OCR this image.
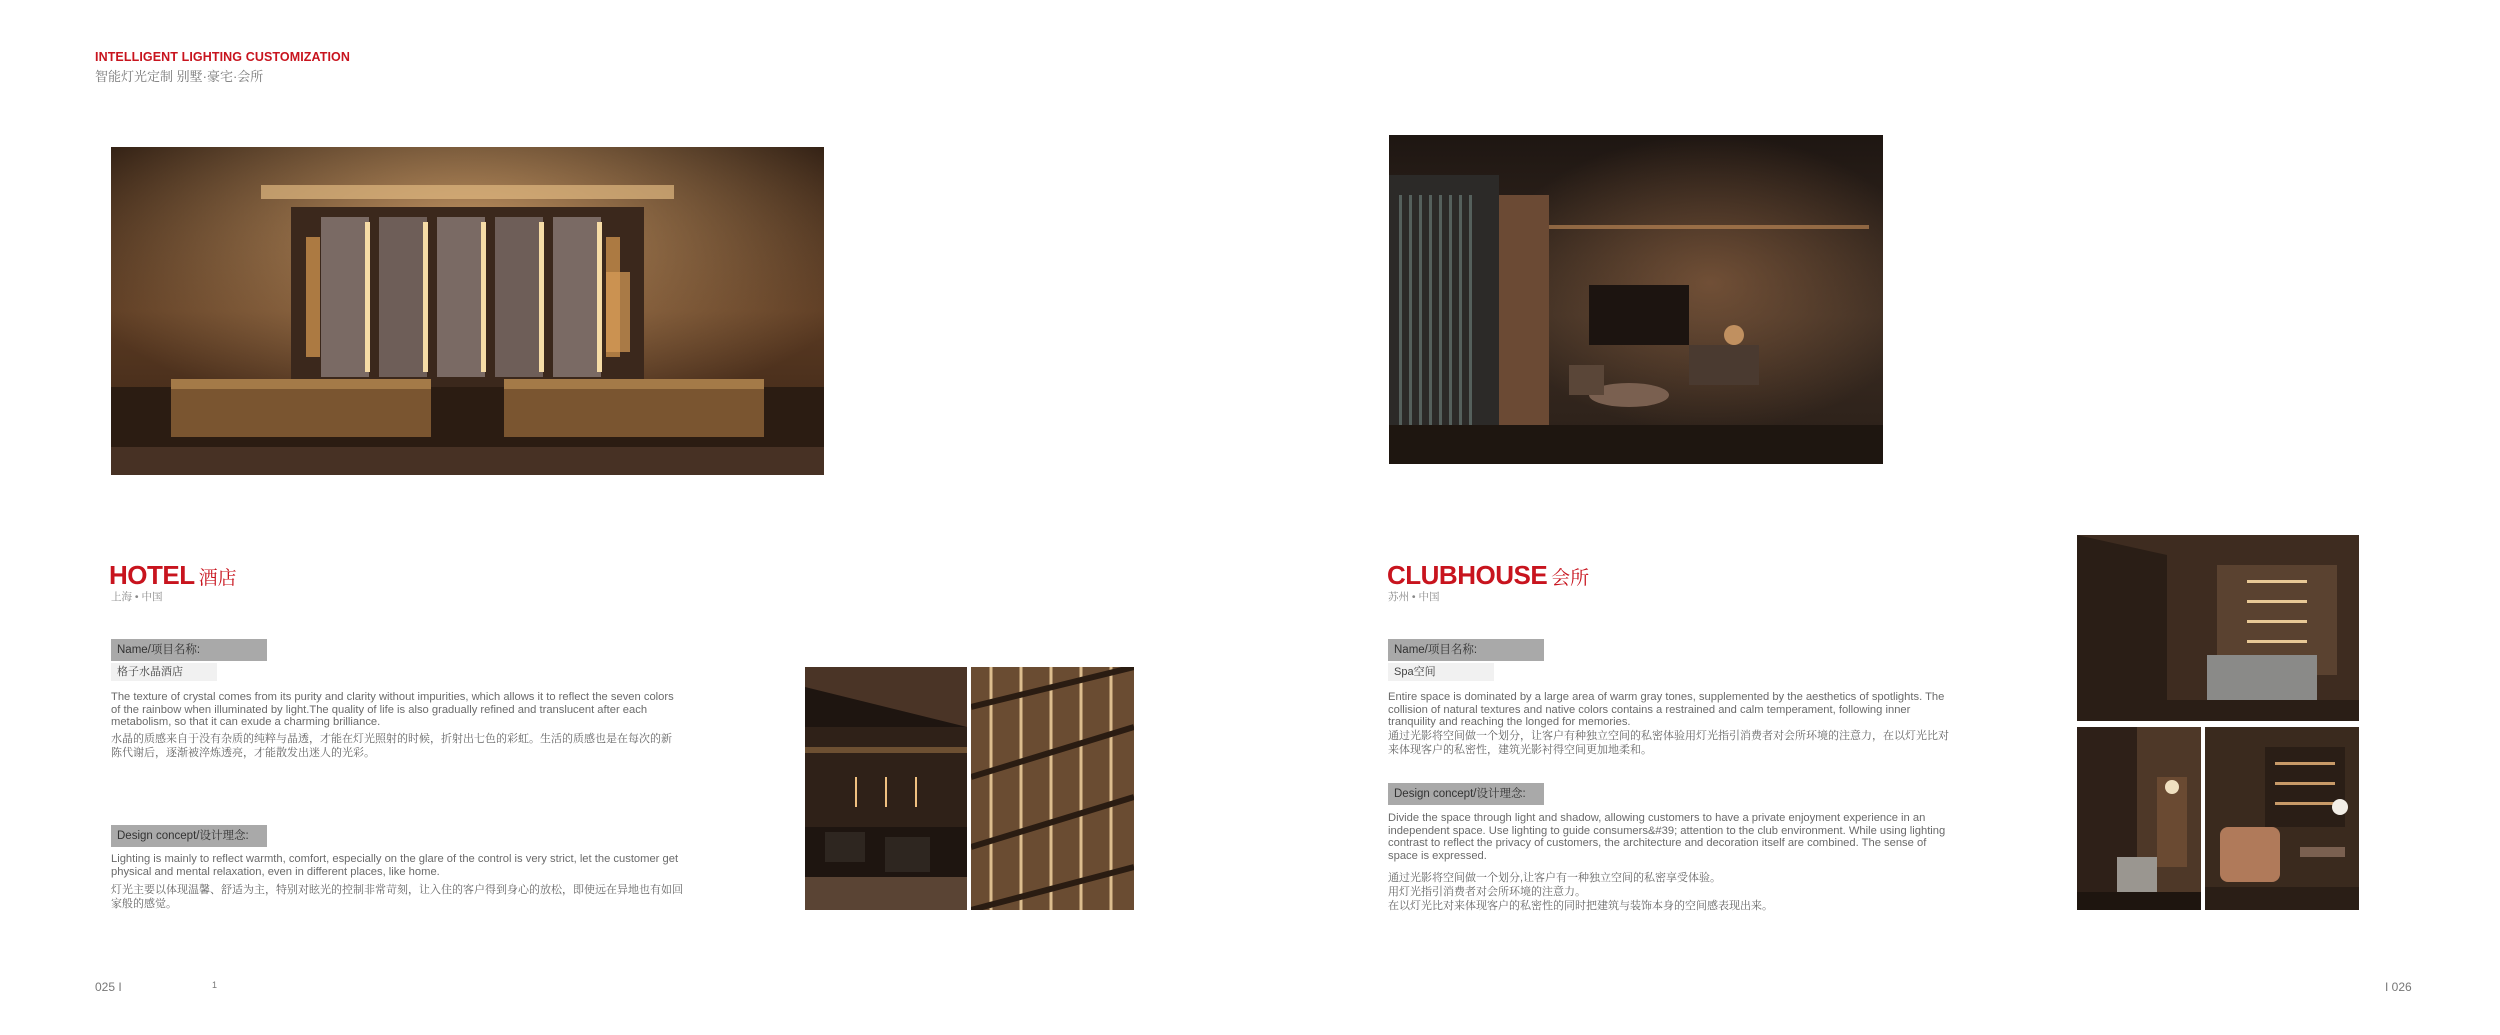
INTELLIGENT LIGHTING CUSTOMIZATION
智能灯光定制 别墅·豪宅·会所
HOTEL 酒店
上海 • 中国
Name/项目名称:
格子水晶酒店
The texture of crystal comes from its purity and clarity without impurities, which allows it to reflect the seven colors of the rainbow when illuminated by light.The quality of life is also gradually refined and translucent after each metabolism, so that it can exude a charming brilliance.
水晶的质感来自于没有杂质的纯粹与晶透，才能在灯光照射的时候，折射出七色的彩虹。生活的质感也是在每次的新陈代谢后，逐渐被淬炼透亮，才能散发出迷人的光彩。
Design concept/设计理念:
Lighting is mainly to reflect warmth, comfort, especially on the glare of the control is very strict, let the customer get physical and mental relaxation, even in different places, like home.
灯光主要以体现温馨、舒适为主，特别对眩光的控制非常苛刻，让入住的客户得到身心的放松，即使远在异地也有如回家般的感觉。
CLUBHOUSE 会所
苏州 • 中国
Name/项目名称:
Spa空间
Entire space is dominated by a large area of warm gray tones, supplemented by the aesthetics of spotlights. The collision of natural textures and native colors contains a restrained and calm temperament, following inner tranquility and reaching the longed for memories.
通过光影将空间做一个划分，让客户有种独立空间的私密体验用灯光指引消费者对会所环境的注意力，在以灯光比对来体现客户的私密性，建筑光影衬得空间更加地柔和。
Design concept/设计理念:
Divide the space through light and shadow, allowing customers to have a private enjoyment experience in an independent space. Use lighting to guide consumers&#39; attention to the club environment. While using lighting contrast to reflect the privacy of customers, the architecture and decoration itself are combined. The sense of space is expressed.
通过光影将空间做一个划分,让客户有一种独立空间的私密享受体验。
用灯光指引消费者对会所环境的注意力。
在以灯光比对来体现客户的私密性的同时把建筑与装饰本身的空间感表现出来。
025 I	1	I 026
